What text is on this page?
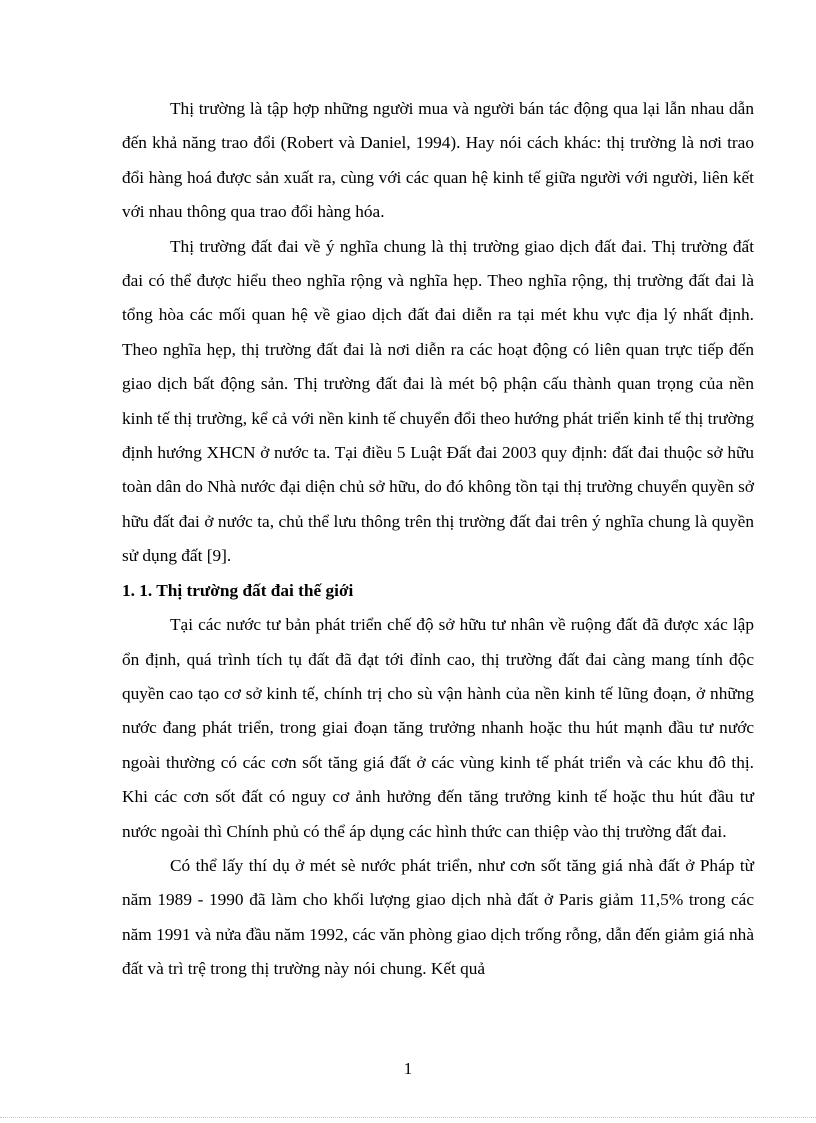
Thị trường là tập hợp những người mua và người bán tác động qua lại lẫn nhau dẫn đến khả năng trao đổi (Robert và Daniel, 1994). Hay nói cách khác: thị trường là nơi trao đổi hàng hoá được sản xuất ra, cùng với các quan hệ kinh tế giữa người với người, liên kết với nhau thông qua trao đổi hàng hóa.

Thị trường đất đai về ý nghĩa chung là thị trường giao dịch đất đai. Thị trường đất đai có thể được hiểu theo nghĩa rộng và nghĩa hẹp. Theo nghĩa rộng, thị trường đất đai là tổng hòa các mối quan hệ về giao dịch đất đai diễn ra tại mét khu vực địa lý nhất định. Theo nghĩa hẹp, thị trường đất đai là nơi diễn ra các hoạt động có liên quan trực tiếp đến giao dịch bất động sản. Thị trường đất đai là mét bộ phận cấu thành quan trọng của nền kinh tế thị trường, kể cả với nền kinh tế chuyển đổi theo hướng phát triển kinh tế thị trường định hướng XHCN ở nước ta. Tại điều 5 Luật Đất đai 2003 quy định: đất đai thuộc sở hữu toàn dân do Nhà nước đại diện chủ sở hữu, do đó không tồn tại thị trường chuyển quyền sở hữu đất đai ở nước ta, chủ thể lưu thông trên thị trường đất đai trên ý nghĩa chung là quyền sử dụng đất [9].

1. 1. Thị trường đất đai thế giới

Tại các nước tư bản phát triển chế độ sở hữu tư nhân về ruộng đất đã được xác lập ổn định, quá trình tích tụ đất đã đạt tới đỉnh cao, thị trường đất đai càng mang tính độc quyền cao tạo cơ sở kinh tế, chính trị cho sù vận hành của nền kinh tế lũng đoạn, ở những nước đang phát triển, trong giai đoạn tăng trưởng nhanh hoặc thu hút mạnh đầu tư nước ngoài thường có các cơn sốt tăng giá đất ở các vùng kinh tế phát triển và các khu đô thị. Khi các cơn sốt đất có nguy cơ ảnh hưởng đến tăng trưởng kinh tế hoặc thu hút đầu tư nước ngoài thì Chính phủ có thể áp dụng các hình thức can thiệp vào thị trường đất đai.

Có thể lấy thí dụ ở mét sè nước phát triển, như cơn sốt tăng giá nhà đất ở Pháp từ năm 1989 - 1990 đã làm cho khối lượng giao dịch nhà đất ở Paris giảm 11,5% trong các năm 1991 và nửa đầu năm 1992, các văn phòng giao dịch trống rỗng, dẫn đến giảm giá nhà đất và trì trệ trong thị trường này nói chung. Kết quả

1
